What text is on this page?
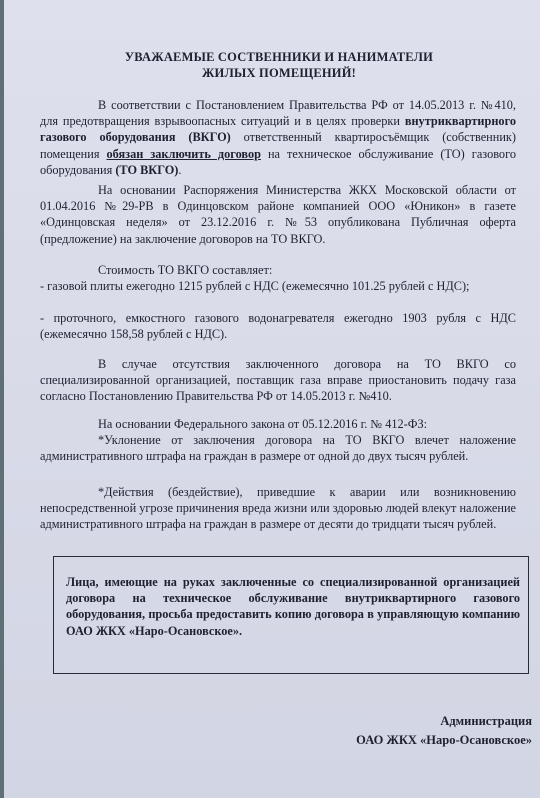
УВАЖАЕМЫЕ СОСТВЕННИКИ И НАНИМАТЕЛИ
ЖИЛЫХ ПОМЕЩЕНИЙ!
В соответствии с Постановлением Правительства РФ от 14.05.2013 г. №410, для предотвращения взрывоопасных ситуаций и в целях проверки внутриквартирного газового оборудования (ВКГО) ответственный квартиросъёмщик (собственник) помещения обязан заключить договор на техническое обслуживание (ТО) газового оборудования (ТО ВКГО).
На основании Распоряжения Министерства ЖКХ Московской области от 01.04.2016 №29-РВ в Одинцовском районе компанией ООО «Юникон» в газете «Одинцовская неделя» от 23.12.2016 г. №53 опубликована Публичная оферта (предложение) на заключение договоров на ТО ВКГО.
Стоимость ТО ВКГО составляет:
- газовой плиты ежегодно 1215 рублей с НДС (ежемесячно 101.25 рублей с НДС);
- проточного, емкостного газового водонагревателя ежегодно 1903 рубля с НДС (ежемесячно 158,58 рублей с НДС).
В случае отсутствия заключенного договора на ТО ВКГО со специализированной организацией, поставщик газа вправе приостановить подачу газа согласно Постановлению Правительства РФ от 14.05.2013 г. №410.
На основании Федерального закона от 05.12.2016 г. № 412-ФЗ:
*Уклонение от заключения договора на ТО ВКГО влечет наложение административного штрафа на граждан в размере от одной до двух тысяч рублей.
*Действия (бездействие), приведшие к аварии или возникновению непосредственной угрозе причинения вреда жизни или здоровью людей влекут наложение административного штрафа на граждан в размере от десяти до тридцати тысяч рублей.

Лица, имеющие на руках заключенные со специализированной организацией договора на техническое обслуживание внутриквартирного газового оборудования, просьба предоставить копию договора в управляющую компанию ОАО ЖКХ «Наро-Осановское».

Администрация
ОАО ЖКХ «Наро-Осановское»
